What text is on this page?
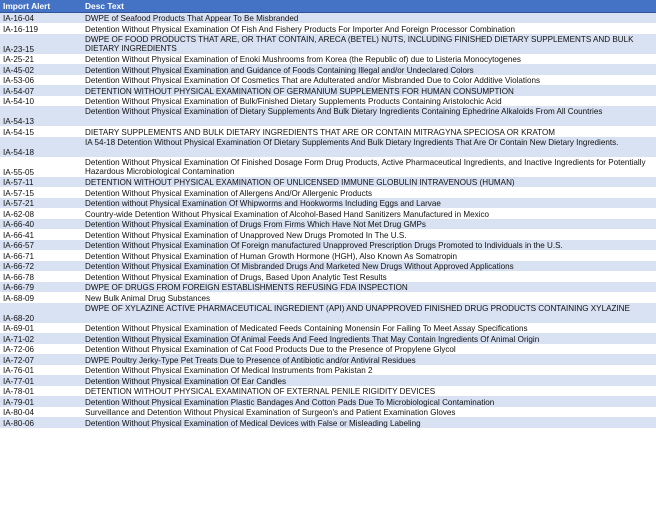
Import Alert	Desc Text
IA-16-04	DWPE of Seafood Products That Appear To Be Misbranded
IA-16-119	Detention Without Physical Examination Of Fish And Fishery Products For Importer And Foreign Processor Combination
IA-23-15	DWPE OF FOOD PRODUCTS THAT ARE, OR THAT CONTAIN, ARECA (BETEL) NUTS, INCLUDING FINISHED DIETARY SUPPLEMENTS AND BULK DIETARY INGREDIENTS
IA-25-21	Detention Without Physical Examination of Enoki Mushrooms from Korea (the Republic of) due to Listeria Monocytogenes
IA-45-02	Detention Without Physical Examination and Guidance of Foods Containing Illegal and/or Undeclared Colors
IA-53-06	Detention Without Physical Examination Of Cosmetics That are Adulterated and/or Misbranded Due to Color Additive Violations
IA-54-07	DETENTION WITHOUT PHYSICAL EXAMINATION OF GERMANIUM SUPPLEMENTS FOR HUMAN CONSUMPTION
IA-54-10	Detention Without Physical Examination of Bulk/Finished Dietary Supplements Products Containing Aristolochic Acid
IA-54-13	Detention Without Physical Examination of Dietary Supplements And Bulk Dietary Ingredients Containing Ephedrine Alkaloids From All Countries
IA-54-15	DIETARY SUPPLEMENTS AND BULK DIETARY INGREDIENTS THAT ARE OR CONTAIN MITRAGYNA SPECIOSA OR KRATOM
IA-54-18	IA 54-18 Detention Without Physical Examination Of Dietary Supplements And Bulk Dietary Ingredients That Are Or Contain New Dietary Ingredients.
IA-55-05	Detention Without Physical Examination Of Finished Dosage Form Drug Products, Active Pharmaceutical Ingredients, and Inactive Ingredients for Potentially Hazardous Microbiological Contamination
IA-57-11	DETENTION WITHOUT PHYSICAL EXAMINATION OF UNLICENSED IMMUNE GLOBULIN INTRAVENOUS (HUMAN)
IA-57-15	Detention Without Physical Examination of Allergens And/Or Allergenic Products
IA-57-21	Detention without Physical Examination Of Whipworms and Hookworms Including Eggs and Larvae
IA-62-08	Country-wide Detention Without Physical Examination of Alcohol-Based Hand Sanitizers Manufactured in Mexico
IA-66-40	Detention Without Physical Examination of Drugs From Firms Which Have Not Met Drug GMPs
IA-66-41	Detention Without Physical Examination of Unapproved New Drugs Promoted In The U.S.
IA-66-57	Detention Without Physical Examination Of Foreign manufactured Unapproved Prescription Drugs Promoted to Individuals in the U.S.
IA-66-71	Detention Without Physical Examination of Human Growth Hormone (HGH), Also Known As Somatropin
IA-66-72	Detention Without Physical Examination Of Misbranded Drugs And Marketed New Drugs Without Approved Applications
IA-66-78	Detention Without Physical Examination of Drugs, Based Upon Analytic Test Results
IA-66-79	DWPE OF DRUGS FROM FOREIGN ESTABLISHMENTS REFUSING FDA INSPECTION
IA-68-09	New Bulk Animal Drug Substances
IA-68-20	DWPE OF XYLAZINE ACTIVE PHARMACEUTICAL INGREDIENT (API) AND UNAPPROVED FINISHED DRUG PRODUCTS CONTAINING XYLAZINE
IA-69-01	Detention Without Physical Examination of Medicated Feeds Containing Monensin For Failing To Meet Assay Specifications
IA-71-02	Detention Without Physical Examination Of Animal Feeds And Feed Ingredients That May Contain Ingredients Of Animal Origin
IA-72-06	Detention Without Physical Examination of Cat Food Products Due to the Presence of Propylene Glycol
IA-72-07	DWPE Poultry Jerky-Type Pet Treats Due to Presence of Antibiotic and/or Antiviral Residues
IA-76-01	Detention Without Physical Examination Of Medical Instruments from Pakistan 2
IA-77-01	Detention Without Physical Examination Of Ear Candles
IA-78-01	DETENTION WITHOUT PHYSICAL EXAMINATION OF EXTERNAL PENILE RIGIDITY DEVICES
IA-79-01	Detention Without Physical Examination Plastic Bandages And Cotton Pads Due To Microbiological Contamination
IA-80-04	Surveillance and Detention Without Physical Examination of Surgeon's and Patient Examination Gloves
IA-80-06	Detention Without Physical Examination of Medical Devices with False or Misleading Labeling
